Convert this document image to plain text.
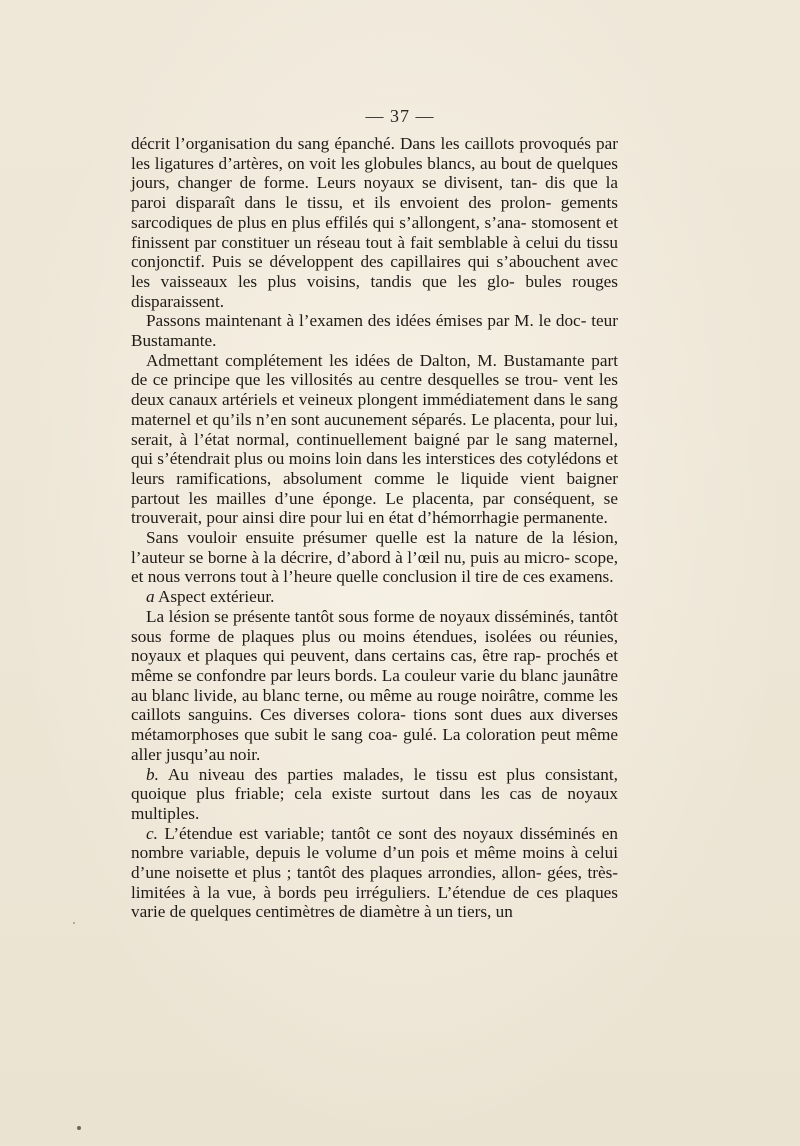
— 37 —

décrit l’organisation du sang épanché. Dans les caillots provoqués par les ligatures d’artères, on voit les globules blancs, au bout de quelques jours, changer de forme. Leurs noyaux se divisent, tan- dis que la paroi disparaît dans le tissu, et ils envoient des prolon- gements sarcodiques de plus en plus effilés qui s’allongent, s’ana- stomosent et finissent par constituer un réseau tout à fait semblable à celui du tissu conjonctif. Puis se développent des capillaires qui s’abouchent avec les vaisseaux les plus voisins, tandis que les glo- bules rouges disparaissent.

Passons maintenant à l’examen des idées émises par M. le doc- teur Bustamante.

Admettant complétement les idées de Dalton, M. Bustamante part de ce principe que les villosités au centre desquelles se trou- vent les deux canaux artériels et veineux plongent immédiatement dans le sang maternel et qu’ils n’en sont aucunement séparés. Le placenta, pour lui, serait, à l’état normal, continuellement baigné par le sang maternel, qui s’étendrait plus ou moins loin dans les interstices des cotylédons et leurs ramifications, absolument comme le liquide vient baigner partout les mailles d’une éponge. Le placenta, par conséquent, se trouverait, pour ainsi dire pour lui en état d’hémorrhagie permanente.

Sans vouloir ensuite présumer quelle est la nature de la lésion, l’auteur se borne à la décrire, d’abord à l’œil nu, puis au micro- scope, et nous verrons tout à l’heure quelle conclusion il tire de ces examens.

a Aspect extérieur.

La lésion se présente tantôt sous forme de noyaux disséminés, tantôt sous forme de plaques plus ou moins étendues, isolées ou réunies, noyaux et plaques qui peuvent, dans certains cas, être rap- prochés et même se confondre par leurs bords. La couleur varie du blanc jaunâtre au blanc livide, au blanc terne, ou même au rouge noirâtre, comme les caillots sanguins. Ces diverses colora- tions sont dues aux diverses métamorphoses que subit le sang coa- gulé. La coloration peut même aller jusqu’au noir.

b. Au niveau des parties malades, le tissu est plus consistant, quoique plus friable; cela existe surtout dans les cas de noyaux multiples.

c. L’étendue est variable; tantôt ce sont des noyaux disséminés en nombre variable, depuis le volume d’un pois et même moins à celui d’une noisette et plus ; tantôt des plaques arrondies, allon- gées, très-limitées à la vue, à bords peu irréguliers. L’étendue de ces plaques varie de quelques centimètres de diamètre à un tiers, un
